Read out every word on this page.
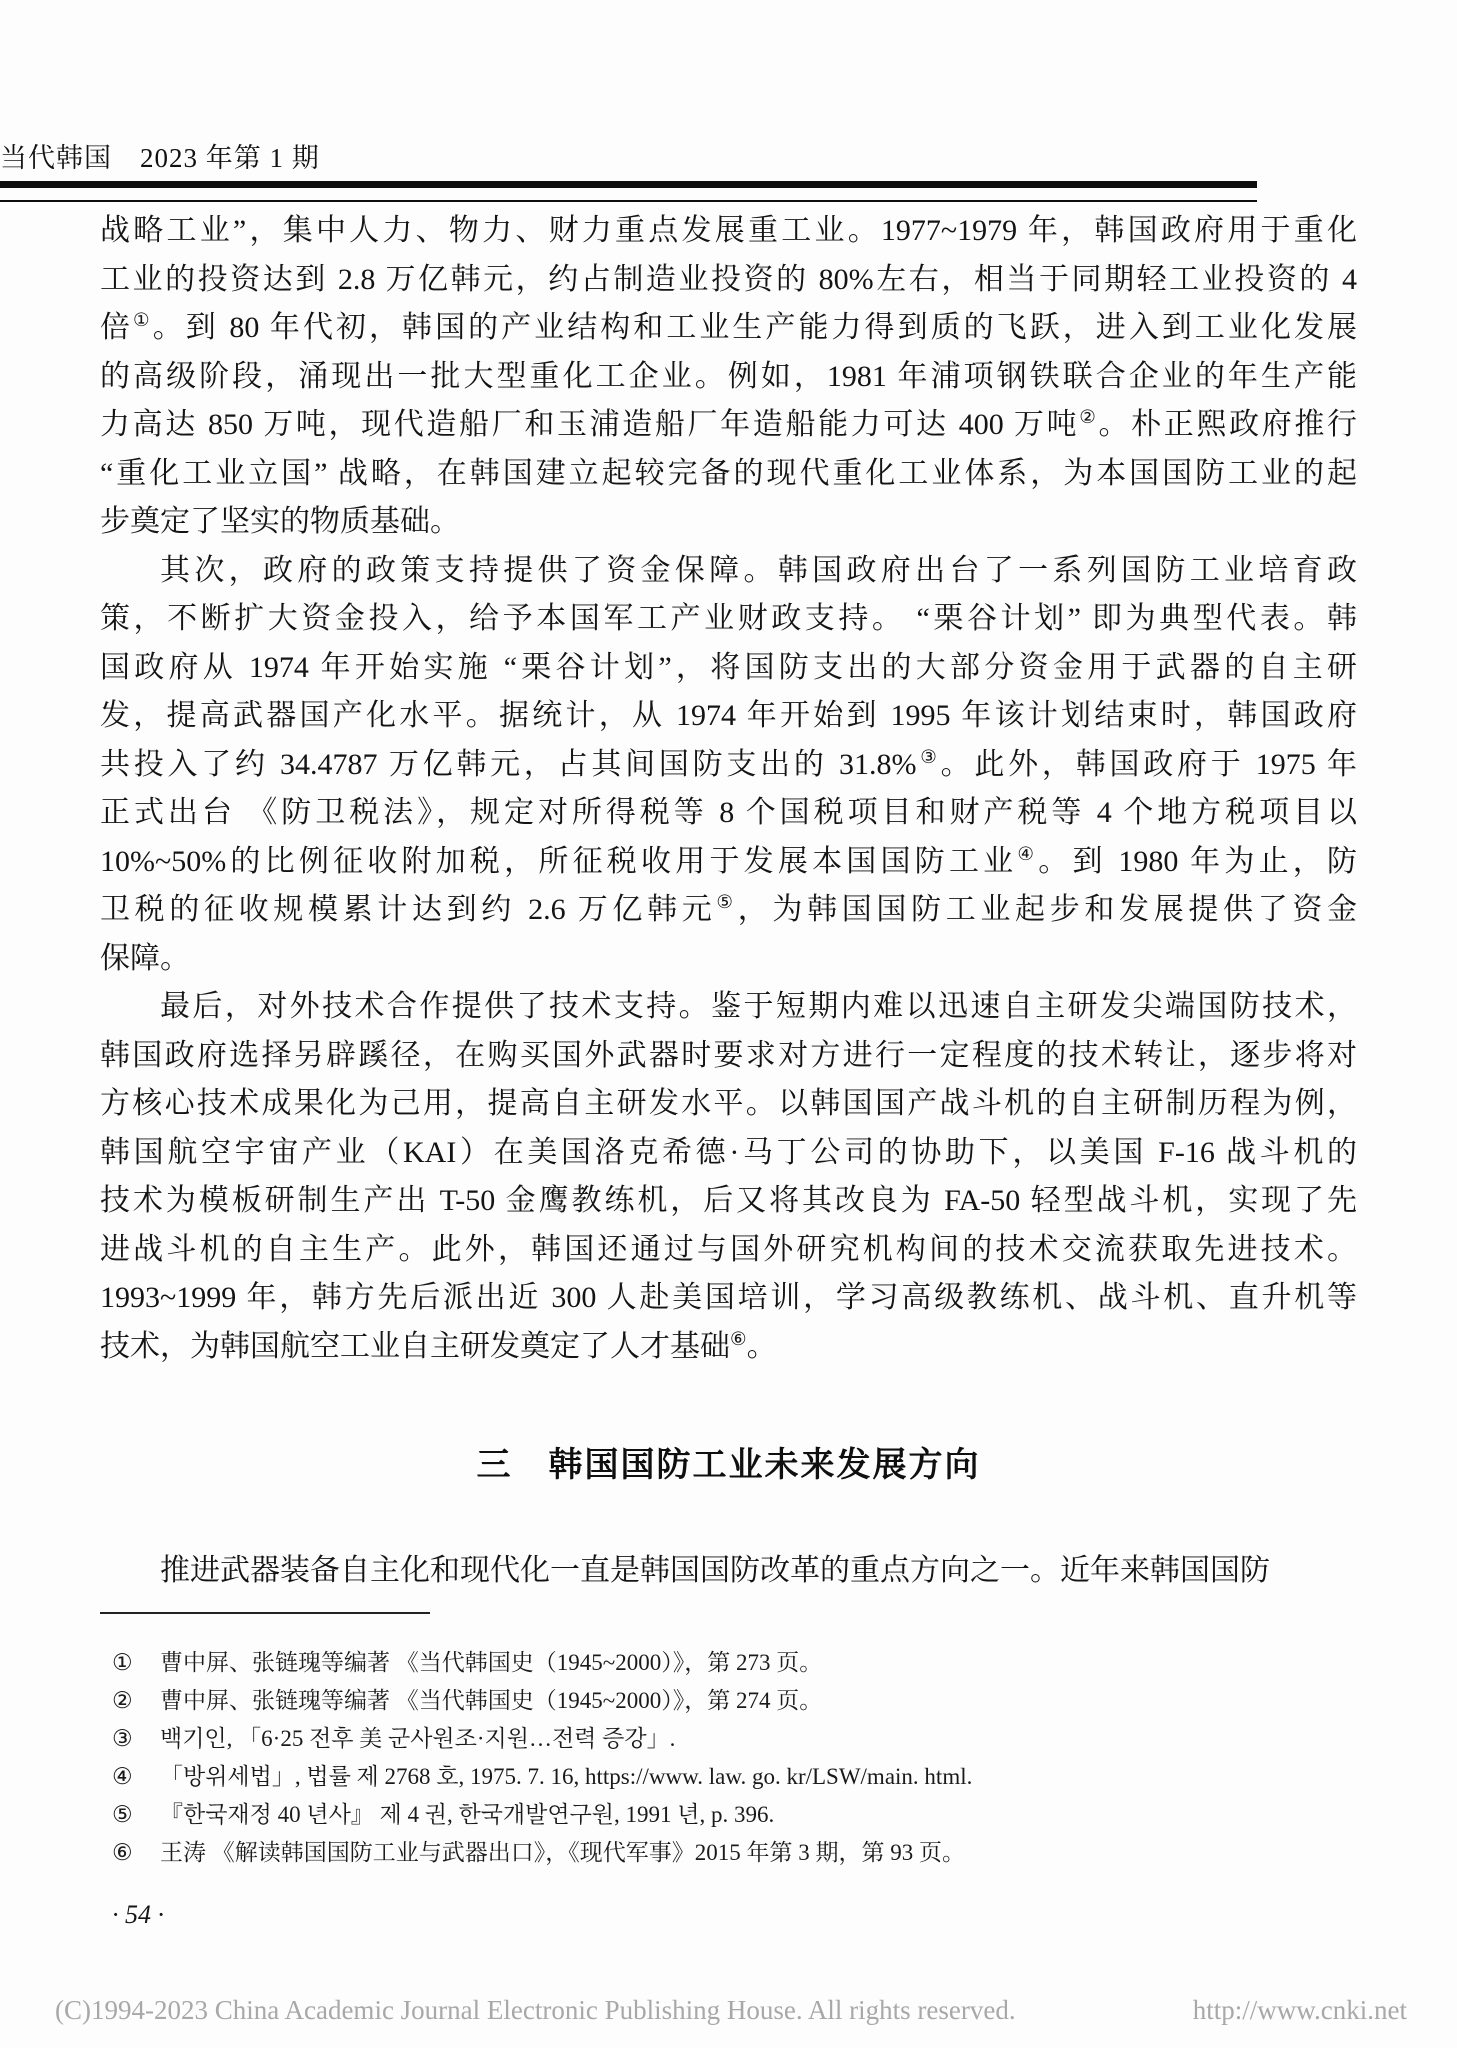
当代韩国　2023 年第 1 期
战略工业”，集中人力、物力、财力重点发展重工业。1977~1979 年，韩国政府用于重化
工业的投资达到 2.8 万亿韩元，约占制造业投资的 80%左右，相当于同期轻工业投资的 4
倍①。到 80 年代初，韩国的产业结构和工业生产能力得到质的飞跃，进入到工业化发展
的高级阶段，涌现出一批大型重化工企业。例如，1981 年浦项钢铁联合企业的年生产能
力高达 850 万吨，现代造船厂和玉浦造船厂年造船能力可达 400 万吨②。朴正熙政府推行
“重化工业立国” 战略，在韩国建立起较完备的现代重化工业体系，为本国国防工业的起
步奠定了坚实的物质基础。
其次，政府的政策支持提供了资金保障。韩国政府出台了一系列国防工业培育政
策，不断扩大资金投入，给予本国军工产业财政支持。 “栗谷计划” 即为典型代表。韩
国政府从 1974 年开始实施 “栗谷计划”，将国防支出的大部分资金用于武器的自主研
发，提高武器国产化水平。据统计，从 1974 年开始到 1995 年该计划结束时，韩国政府
共投入了约 34.4787 万亿韩元，占其间国防支出的 31.8%③。此外，韩国政府于 1975 年
正式出台 《防卫税法》，规定对所得税等 8 个国税项目和财产税等 4 个地方税项目以
10%~50%的比例征收附加税，所征税收用于发展本国国防工业④。到 1980 年为止，防
卫税的征收规模累计达到约 2.6 万亿韩元⑤，为韩国国防工业起步和发展提供了资金
保障。
最后，对外技术合作提供了技术支持。鉴于短期内难以迅速自主研发尖端国防技术，
韩国政府选择另辟蹊径，在购买国外武器时要求对方进行一定程度的技术转让，逐步将对
方核心技术成果化为己用，提高自主研发水平。以韩国国产战斗机的自主研制历程为例，
韩国航空宇宙产业（KAI）在美国洛克希德·马丁公司的协助下，以美国 F-16 战斗机的
技术为模板研制生产出 T-50 金鹰教练机，后又将其改良为 FA-50 轻型战斗机，实现了先
进战斗机的自主生产。此外，韩国还通过与国外研究机构间的技术交流获取先进技术。
1993~1999 年，韩方先后派出近 300 人赴美国培训，学习高级教练机、战斗机、直升机等
技术，为韩国航空工业自主研发奠定了人才基础⑥。
三　韩国国防工业未来发展方向
推进武器装备自主化和现代化一直是韩国国防改革的重点方向之一。近年来韩国国防
①	曹中屏、张链瑰等编著 《当代韩国史（1945~2000）》，第 273 页。
②	曹中屏、张链瑰等编著 《当代韩国史（1945~2000）》，第 274 页。
③	백기인, 「6·25 전후 美 군사원조·지원…전력 증강」.
④	「방위세법」, 법률 제 2768 호, 1975. 7. 16, https://www. law. go. kr/LSW/main. html.
⑤	『한국재정 40 년사』 제 4 권, 한국개발연구원, 1991 년, p. 396.
⑥	王涛 《解读韩国国防工业与武器出口》，《现代军事》2015 年第 3 期，第 93 页。
· 54 ·
(C)1994-2023 China Academic Journal Electronic Publishing House. All rights reserved.	http://www.cnki.net
